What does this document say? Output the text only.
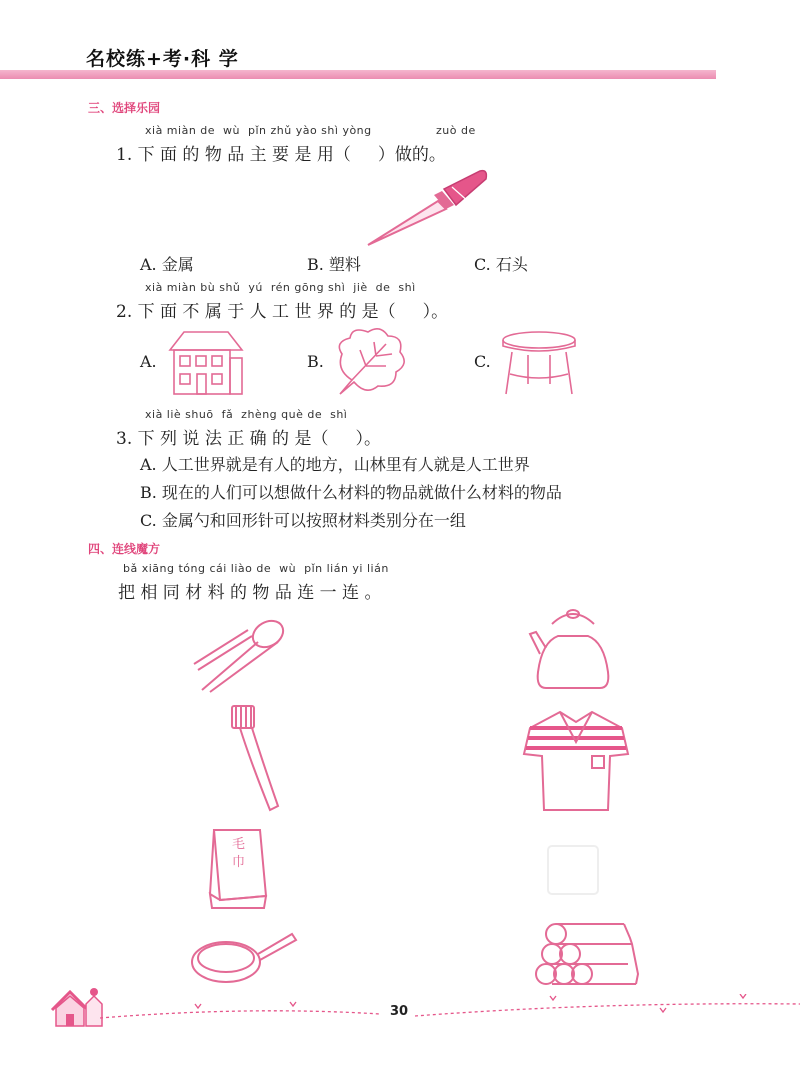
名校练+考·科 学
三、选择乐园
xià miàn de  wù  pǐn zhǔ yào shì yòng	zuò de
1. 下 面 的 物 品 主 要 是 用（     ）做的。
A. 金属	B. 塑料	C. 石头
xià miàn bù shǔ  yú  rén gōng shì  jiè  de  shì
2. 下 面 不 属 于 人 工 世 界 的 是（     ）。
A.	B.	C.
xià liè shuō  fǎ  zhèng què de  shì
3. 下 列 说 法 正 确 的 是（     ）。
A. 人工世界就是有人的地方，山林里有人就是人工世界
B. 现在的人们可以想做什么材料的物品就做什么材料的物品
C. 金属勺和回形针可以按照材料类别分在一组
四、连线魔方
bǎ xiāng tóng cái liào de  wù  pǐn lián yi lián
把 相 同 材 料 的 物 品 连 一 连 。
毛
巾
30
